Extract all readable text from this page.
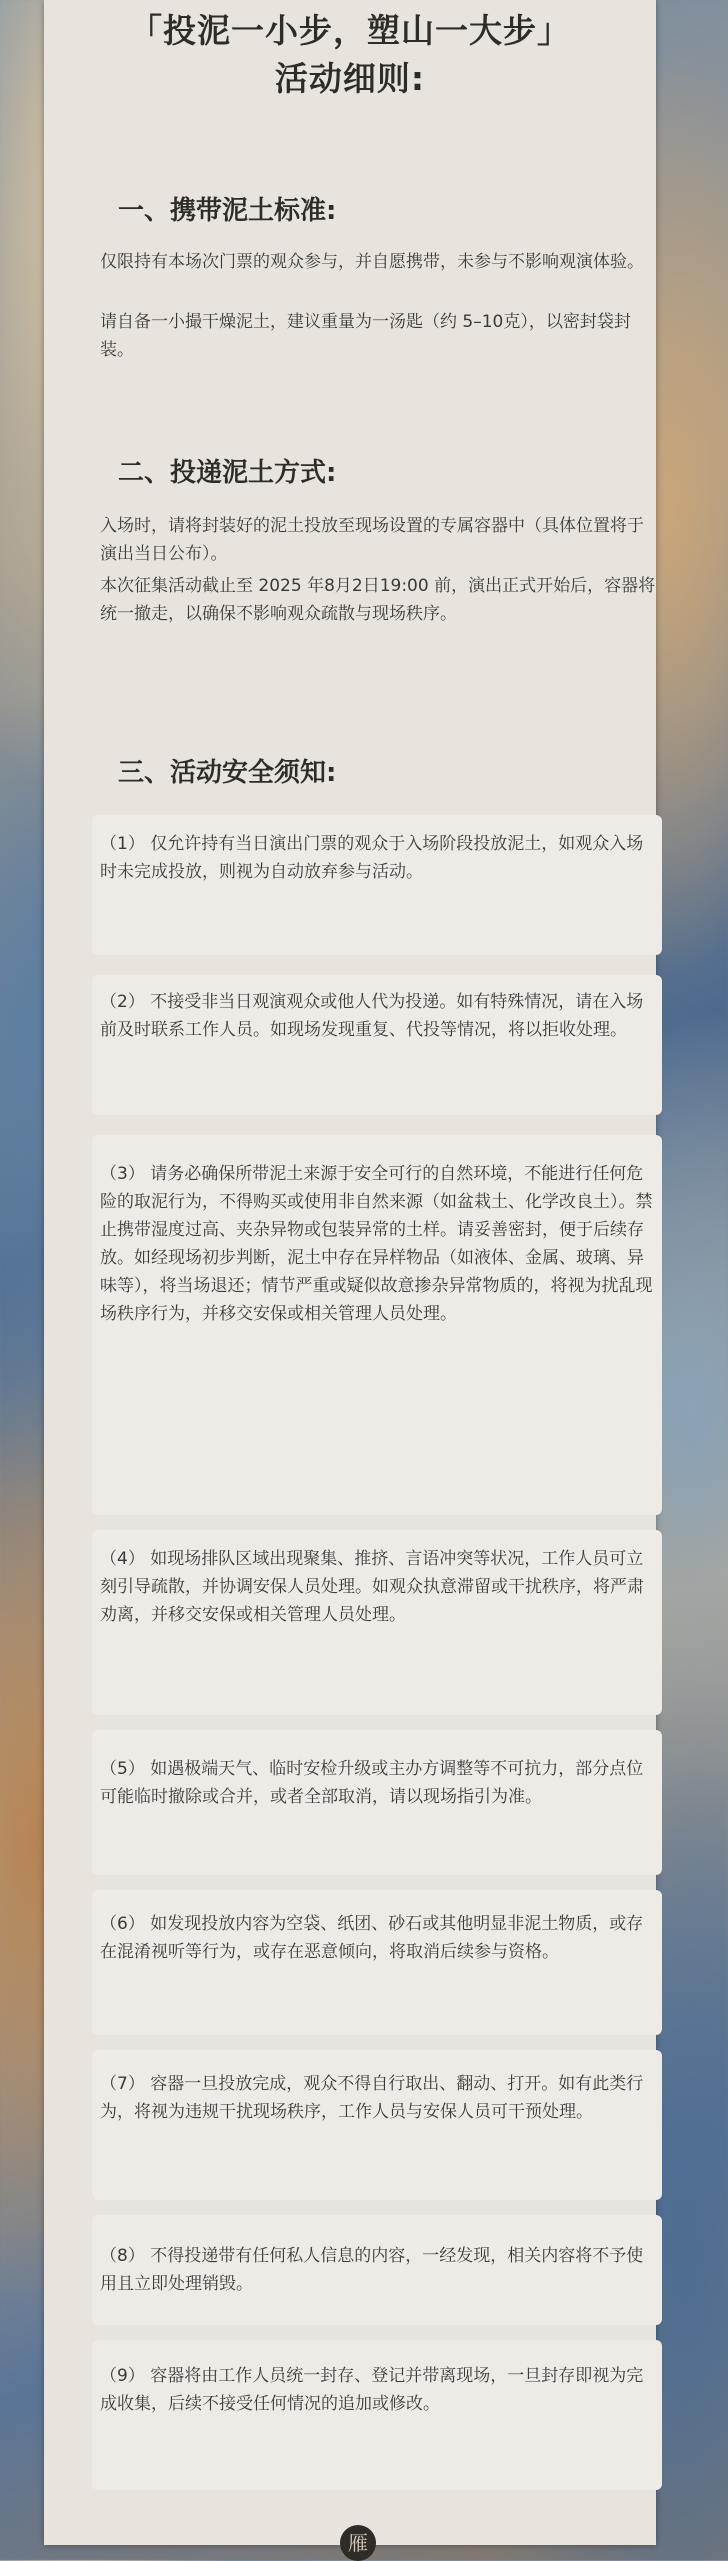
「投泥一小步，塑山一大步」
活动细则:
一、携带泥土标准:
仅限持有本场次门票的观众参与，并自愿携带，未参与不影响观演体验。
请自备一小撮干燥泥土，建议重量为一汤匙（约 5–10克），以密封袋封装。
二、投递泥土方式:
入场时，请将封装好的泥土投放至现场设置的专属容器中（具体位置将于演出当日公布）。
本次征集活动截止至 2025 年8月2日19:00 前，演出正式开始后，容器将统一撤走，以确保不影响观众疏散与现场秩序。
三、活动安全须知:
（1） 仅允许持有当日演出门票的观众于入场阶段投放泥土，如观众入场时未完成投放，则视为自动放弃参与活动。
（2） 不接受非当日观演观众或他人代为投递。如有特殊情况，请在入场前及时联系工作人员。如现场发现重复、代投等情况，将以拒收处理。
（3） 请务必确保所带泥土来源于安全可行的自然环境，不能进行任何危险的取泥行为，不得购买或使用非自然来源（如盆栽土、化学改良土）。禁止携带湿度过高、夹杂异物或包装异常的土样。请妥善密封，便于后续存放。如经现场初步判断，泥土中存在异样物品（如液体、金属、玻璃、异味等），将当场退还；情节严重或疑似故意掺杂异常物质的，将视为扰乱现场秩序行为，并移交安保或相关管理人员处理。
（4） 如现场排队区域出现聚集、推挤、言语冲突等状况，工作人员可立刻引导疏散，并协调安保人员处理。如观众执意滞留或干扰秩序，将严肃劝离，并移交安保或相关管理人员处理。
（5） 如遇极端天气、临时安检升级或主办方调整等不可抗力，部分点位可能临时撤除或合并，或者全部取消，请以现场指引为准。
（6） 如发现投放内容为空袋、纸团、砂石或其他明显非泥土物质，或存在混淆视听等行为，或存在恶意倾向，将取消后续参与资格。
（7） 容器一旦投放完成，观众不得自行取出、翻动、打开。如有此类行为，将视为违规干扰现场秩序，工作人员与安保人员可干预处理。
（8） 不得投递带有任何私人信息的内容，一经发现，相关内容将不予使用且立即处理销毁。
（9） 容器将由工作人员统一封存、登记并带离现场，一旦封存即视为完成收集，后续不接受任何情况的追加或修改。
雁
